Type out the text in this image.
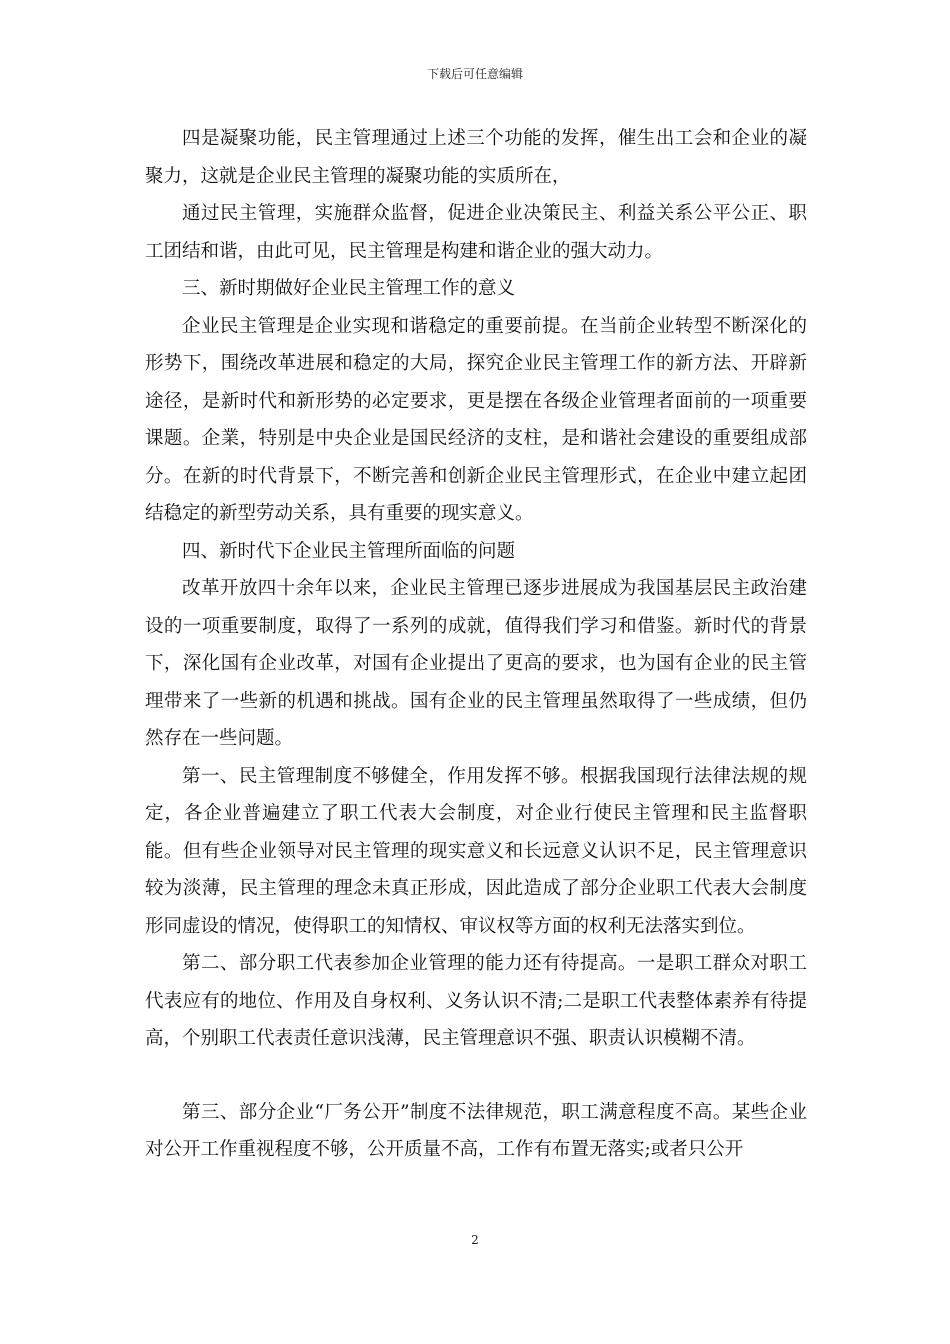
下载后可任意编辑

四是凝聚功能，民主管理通过上述三个功能的发挥，催生出工会和企业的凝聚力，这就是企业民主管理的凝聚功能的实质所在，

通过民主管理，实施群众监督，促进企业决策民主、利益关系公平公正、职工团结和谐，由此可见，民主管理是构建和谐企业的强大动力。

三、新时期做好企业民主管理工作的意义

企业民主管理是企业实现和谐稳定的重要前提。在当前企业转型不断深化的形势下，围绕改革进展和稳定的大局，探究企业民主管理工作的新方法、开辟新途径，是新时代和新形势的必定要求，更是摆在各级企业管理者面前的一项重要课题。企業，特别是中央企业是国民经济的支柱，是和谐社会建设的重要组成部分。在新的时代背景下，不断完善和创新企业民主管理形式，在企业中建立起团结稳定的新型劳动关系，具有重要的现实意义。

四、新时代下企业民主管理所面临的问题

改革开放四十余年以来，企业民主管理已逐步进展成为我国基层民主政治建设的一项重要制度，取得了一系列的成就，值得我们学习和借鉴。新时代的背景下，深化国有企业改革，对国有企业提出了更高的要求，也为国有企业的民主管理带来了一些新的机遇和挑战。国有企业的民主管理虽然取得了一些成绩，但仍然存在一些问题。

第一、民主管理制度不够健全，作用发挥不够。根据我国现行法律法规的规定，各企业普遍建立了职工代表大会制度，对企业行使民主管理和民主监督职能。但有些企业领导对民主管理的现实意义和长远意义认识不足，民主管理意识较为淡薄，民主管理的理念未真正形成，因此造成了部分企业职工代表大会制度形同虚设的情况，使得职工的知情权、审议权等方面的权利无法落实到位。

第二、部分职工代表参加企业管理的能力还有待提高。一是职工群众对职工代表应有的地位、作用及自身权利、义务认识不清;二是职工代表整体素养有待提高，个别职工代表责任意识浅薄，民主管理意识不强、职责认识模糊不清。

第三、部分企业“厂务公开”制度不法律规范，职工满意程度不高。某些企业对公开工作重视程度不够，公开质量不高，工作有布置无落实;或者只公开

2
